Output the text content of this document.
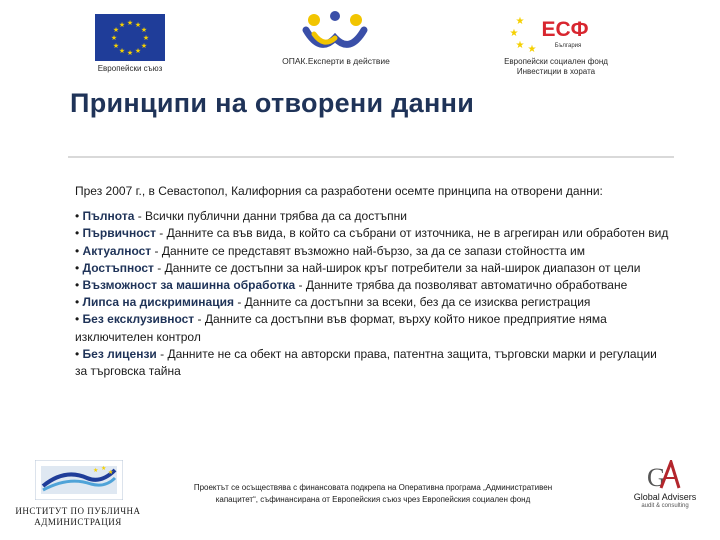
★ ★
★
★
★
★
★
★
★
★
★
★
Европейски съюз
ОПАК.Експерти в действие
★
★
★ ★
ЕСФ
България
Европейски социален фонд
Инвестиции в хората
Принципи на отворени данни

През 2007 г., в Севастопол, Калифорния са разработени осемте принципа на отворени данни:

• Пълнота - Всички публични данни трябва да са достъпни

• Първичност - Данните са във вида, в който са събрани от източника, не в агрегиран или обработен вид

• Актуалност - Данните се представят възможно най-бързо, за да се запази стойността им

• Достъпност - Данните се достъпни за най-широк кръг потребители за най-широк диапазон от цели

• Възможност за машинна обработка - Данните трябва да позволяват автоматично обработване

• Липса на дискриминация - Данните са достъпни за всеки, без да се изисква регистрация

• Без ексклузивност - Данните са достъпни във формат, върху който никое предприятие няма изключителен контрол

• Без лицензи - Данните не са обект на авторски права, патентна защита, търговски марки и регулации за търговска тайна

★ ★
★
ИНСТИТУТ ПО ПУБЛИЧНА
АДМИНИСТРАЦИЯ
Проектът се осъществява с финансовата подкрепа на Оперативна програма „Административен
капацитет“, съфинансирана от Европейския съюз чрез Европейския социален фонд
G
Global Advisers
audit & consulting
